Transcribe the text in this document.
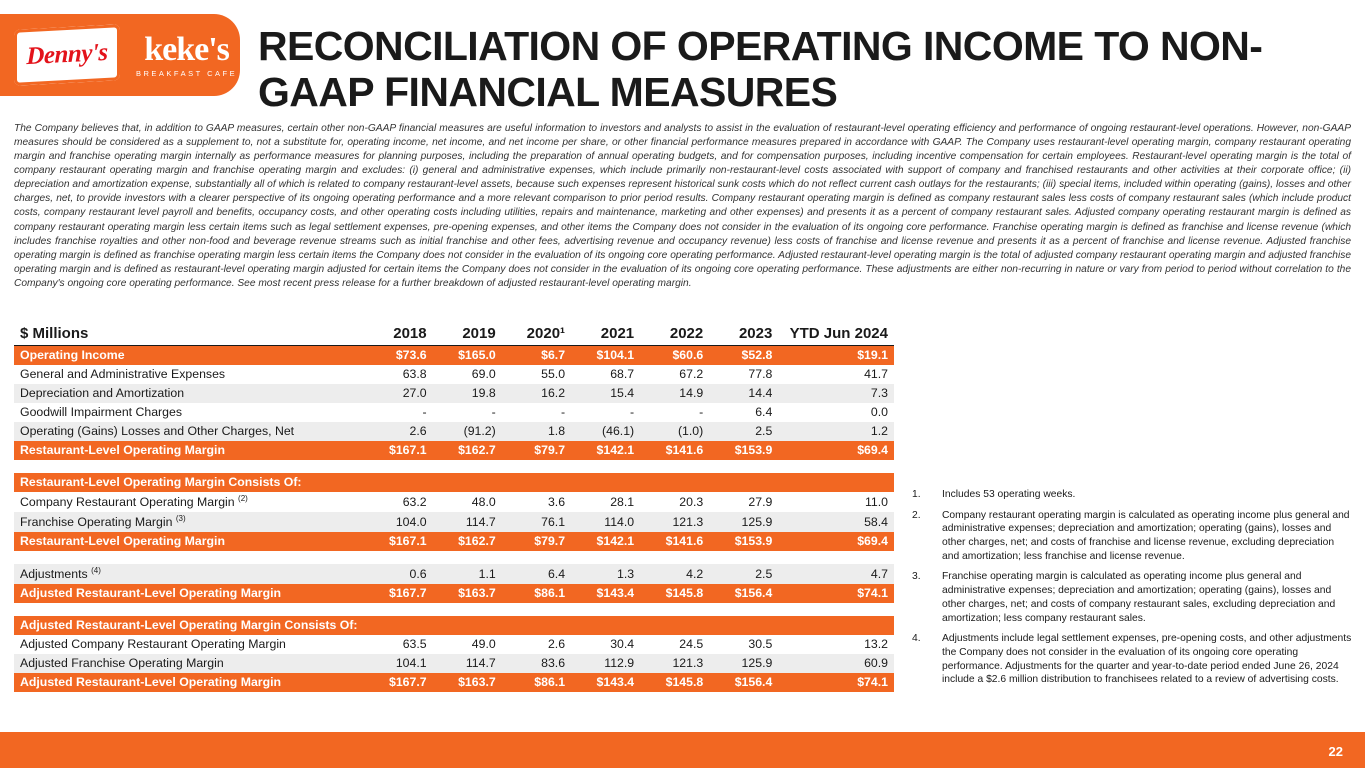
Denny's keke's
BREAKFAST CAFE
RECONCILIATION OF OPERATING INCOME TO NON-GAAP FINANCIAL MEASURES
The Company believes that, in addition to GAAP measures, certain other non-GAAP financial measures are useful information to investors and analysts to assist in the evaluation of restaurant-level operating efficiency and performance of ongoing restaurant-level operations. However, non-GAAP measures should be considered as a supplement to, not a substitute for, operating income, net income, and net income per share, or other financial performance measures prepared in accordance with GAAP. The Company uses restaurant-level operating margin, company restaurant operating margin and franchise operating margin internally as performance measures for planning purposes, including the preparation of annual operating budgets, and for compensation purposes, including incentive compensation for certain employees. Restaurant-level operating margin is the total of company restaurant operating margin and franchise operating margin and excludes: (i) general and administrative expenses, which include primarily non-restaurant-level costs associated with support of company and franchised restaurants and other activities at their corporate office; (ii) depreciation and amortization expense, substantially all of which is related to company restaurant-level assets, because such expenses represent historical sunk costs which do not reflect current cash outlays for the restaurants; (iii) special items, included within operating (gains), losses and other charges, net, to provide investors with a clearer perspective of its ongoing operating performance and a more relevant comparison to prior period results. Company restaurant operating margin is defined as company restaurant sales less costs of company restaurant sales (which include product costs, company restaurant level payroll and benefits, occupancy costs, and other operating costs including utilities, repairs and maintenance, marketing and other expenses) and presents it as a percent of company restaurant sales. Adjusted company operating restaurant margin is defined as company restaurant operating margin less certain items such as legal settlement expenses, pre-opening expenses, and other items the Company does not consider in the evaluation of its ongoing core performance. Franchise operating margin is defined as franchise and license revenue (which includes franchise royalties and other non-food and beverage revenue streams such as initial franchise and other fees, advertising revenue and occupancy revenue) less costs of franchise and license revenue and presents it as a percent of franchise and license revenue. Adjusted franchise operating margin is defined as franchise operating margin less certain items the Company does not consider in the evaluation of its ongoing core operating performance. Adjusted restaurant-level operating margin is the total of adjusted company restaurant operating margin and adjusted franchise operating margin and is defined as restaurant-level operating margin adjusted for certain items the Company does not consider in the evaluation of its ongoing core operating performance. These adjustments are either non-recurring in nature or vary from period to period without correlation to the Company's ongoing core operating performance. See most recent press release for a further breakdown of adjusted restaurant-level operating margin.
$ Millions	2018	2019	2020¹	2021	2022	2023	YTD Jun 2024
Operating Income	$73.6	$165.0	$6.7	$104.1	$60.6	$52.8	$19.1
General and Administrative Expenses	63.8	69.0	55.0	68.7	67.2	77.8	41.7
Depreciation and Amortization	27.0	19.8	16.2	15.4	14.9	14.4	7.3
Goodwill Impairment Charges	-	-	-	-	-	6.4	0.0
Operating (Gains) Losses and Other Charges, Net	2.6	(91.2)	1.8	(46.1)	(1.0)	2.5	1.2
Restaurant-Level Operating Margin	$167.1	$162.7	$79.7	$142.1	$141.6	$153.9	$69.4

Restaurant-Level Operating Margin Consists Of:							
Company Restaurant Operating Margin $^{(2)}$	63.2	48.0	3.6	28.1	20.3	27.9	11.0
Franchise Operating Margin $^{(3)}$	104.0	114.7	76.1	114.0	121.3	125.9	58.4
Restaurant-Level Operating Margin	$167.1	$162.7	$79.7	$142.1	$141.6	$153.9	$69.4

Adjustments $^{(4)}$	0.6	1.1	6.4	1.3	4.2	2.5	4.7
Adjusted Restaurant-Level Operating Margin	$167.7	$163.7	$86.1	$143.4	$145.8	$156.4	$74.1

Adjusted Restaurant-Level Operating Margin Consists Of:							
Adjusted Company Restaurant Operating Margin	63.5	49.0	2.6	30.4	24.5	30.5	13.2
Adjusted Franchise Operating Margin	104.1	114.7	83.6	112.9	121.3	125.9	60.9
Adjusted Restaurant-Level Operating Margin	$167.7	$163.7	$86.1	$143.4	$145.8	$156.4	$74.1
1.	Includes 53 operating weeks.
2.	Company restaurant operating margin is calculated as operating income plus general and administrative expenses; depreciation and amortization; operating (gains), losses and other charges, net; and costs of franchise and license revenue, excluding depreciation and amortization; less franchise and license revenue.
3.	Franchise operating margin is calculated as operating income plus general and administrative expenses; depreciation and amortization; operating (gains), losses and other charges, net; and costs of company restaurant sales, excluding depreciation and amortization; less company restaurant sales.
4.	Adjustments include legal settlement expenses, pre-opening costs, and other adjustments the Company does not consider in the evaluation of its ongoing core operating performance. Adjustments for the quarter and year-to-date period ended June 26, 2024 include a $2.6 million distribution to franchisees related to a review of advertising costs.
22
